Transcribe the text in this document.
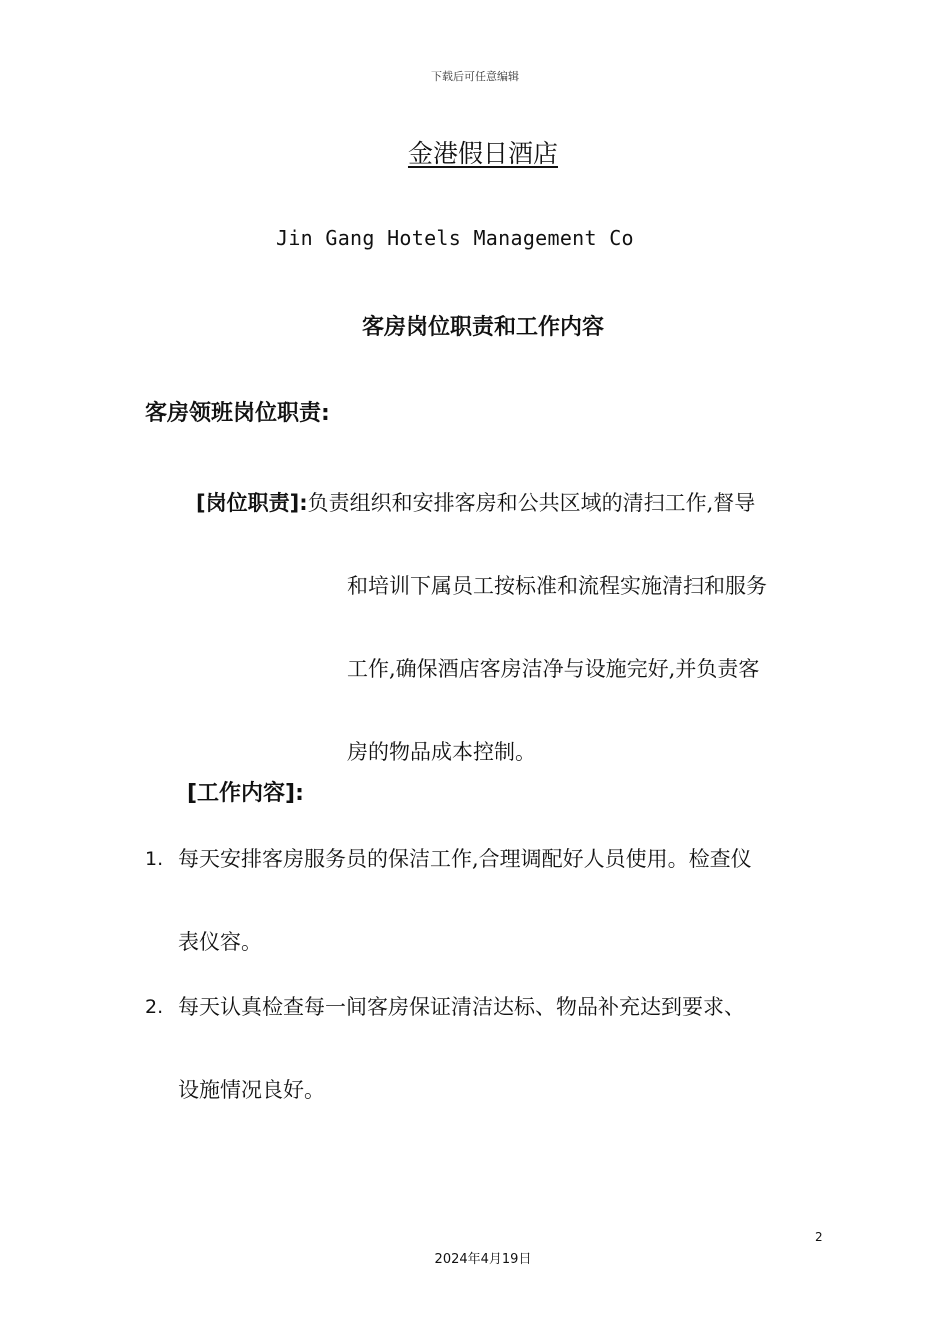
下载后可任意编辑
金港假日酒店
Jin Gang Hotels Management Co
客房岗位职责和工作内容
客房领班岗位职责:
[岗位职责]:负责组织和安排客房和公共区域的清扫工作,督导
和培训下属员工按标准和流程实施清扫和服务
工作,确保酒店客房洁净与设施完好,并负责客
房的物品成本控制。
[工作内容]:
1. 每天安排客房服务员的保洁工作,合理调配好人员使用。检查仪
表仪容。
2. 每天认真检查每一间客房保证清洁达标、物品补充达到要求、
设施情况良好。
2
2024年4月19日
